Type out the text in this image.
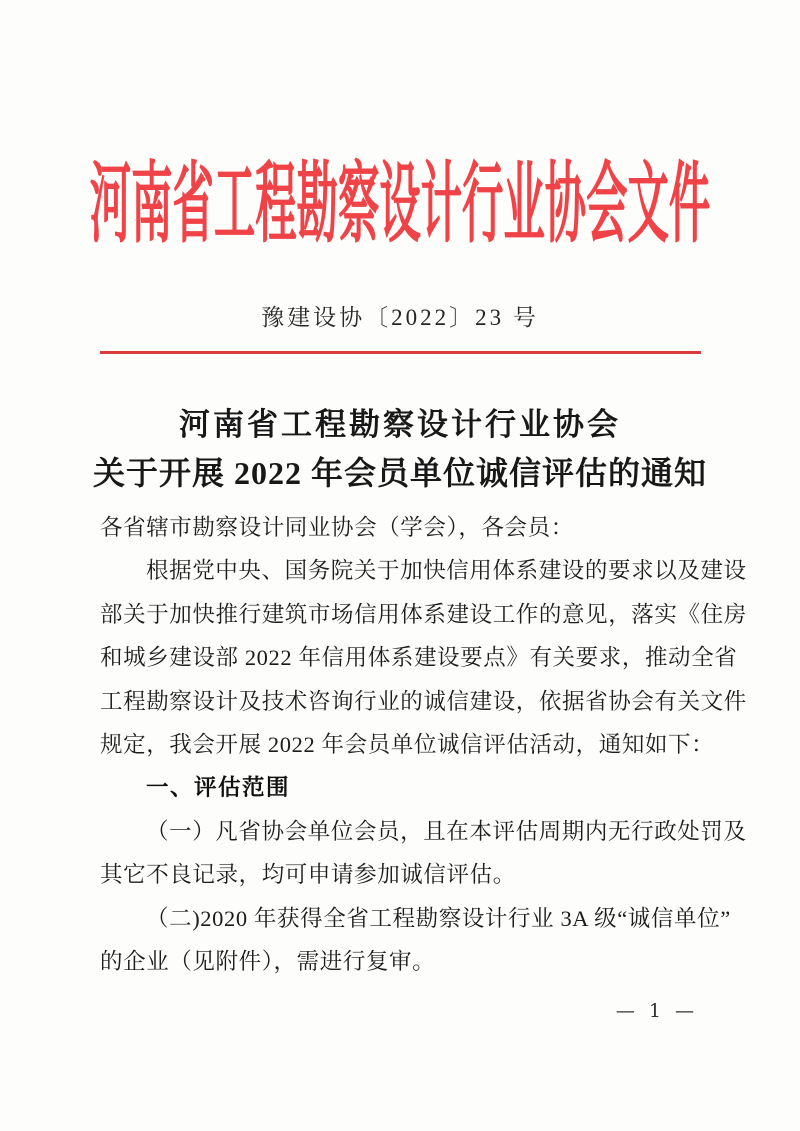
河南省工程勘察设计行业协会文件
豫建设协〔2022〕23 号
河南省工程勘察设计行业协会
关于开展 2022 年会员单位诚信评估的通知
各省辖市勘察设计同业协会（学会），各会员：
根据党中央、国务院关于加快信用体系建设的要求以及建设
部关于加快推行建筑市场信用体系建设工作的意见，落实《住房
和城乡建设部 2022 年信用体系建设要点》有关要求，推动全省
工程勘察设计及技术咨询行业的诚信建设，依据省协会有关文件
规定，我会开展 2022 年会员单位诚信评估活动，通知如下：
一、评估范围
（一）凡省协会单位会员，且在本评估周期内无行政处罚及
其它不良记录，均可申请参加诚信评估。
（二)2020 年获得全省工程勘察设计行业 3A 级“诚信单位”
的企业（见附件），需进行复审。
— 1 —
